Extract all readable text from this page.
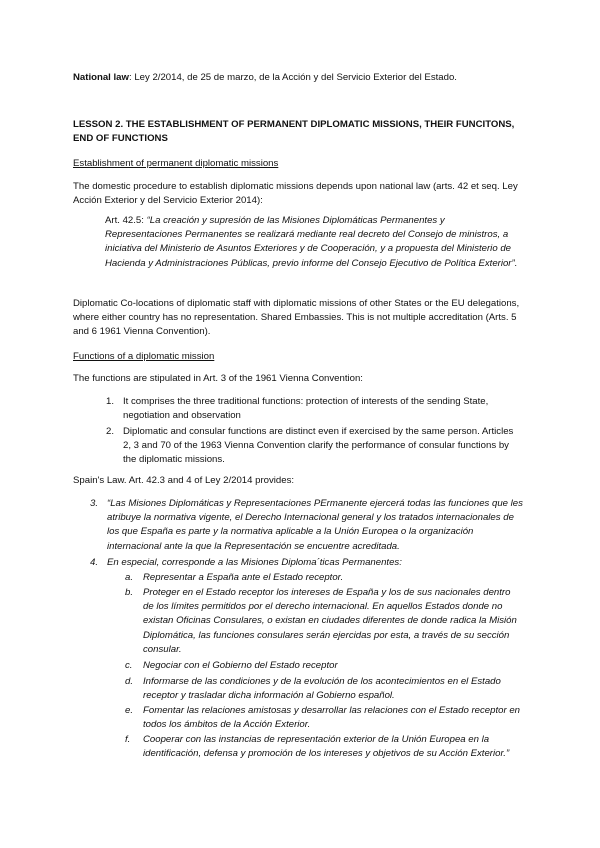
National law: Ley 2/2014, de 25 de marzo, de la Acción y del Servicio Exterior del Estado.

LESSON 2. THE ESTABLISHMENT OF PERMANENT DIPLOMATIC MISSIONS, THEIR FUNCITONS, END OF FUNCTIONS

Establishment of permanent diplomatic missions

The domestic procedure to establish diplomatic missions depends upon national law (arts. 42 et seq. Ley Acción Exterior y del Servicio Exterior 2014):

Art. 42.5: “La creación y supresión de las Misiones Diplomáticas Permanentes y Representaciones Permanentes se realizará mediante real decreto del Consejo de ministros, a iniciativa del Ministerio de Asuntos Exteriores y de Cooperación, y a propuesta del Ministerio de Hacienda y Administraciones Públicas, previo informe del Consejo Ejecutivo de Política Exterior”.

Diplomatic Co-locations of diplomatic staff with diplomatic missions of other States or the EU delegations, where either country has no representation. Shared Embassies. This is not multiple accreditation (Arts. 5 and 6 1961 Vienna Convention).

Functions of a diplomatic mission

The functions are stipulated in Art. 3 of the 1961 Vienna Convention:

1. It comprises the three traditional functions: protection of interests of the sending State, negotiation and observation
2. Diplomatic and consular functions are distinct even if exercised by the same person. Articles 2, 3 and 70 of the 1963 Vienna Convention clarify the performance of consular functions by the diplomatic missions.

Spain's Law. Art. 42.3 and 4 of Ley 2/2014 provides:

3. “Las Misiones Diplomáticas y Representaciones PErmanente ejercerá todas las funciones que les atribuye la normativa vigente, el Derecho Internacional general y los tratados internacionales de los que España es parte y la normativa aplicable a la Unión Europea o la organización internacional ante la que la Representación se encuentre acreditada.
4. En especial, corresponde a las Misiones Diploma´ticas Permanentes:
a. Representar a España ante el Estado receptor.
b. Proteger en el Estado receptor los intereses de España y los de sus nacionales dentro de los límites permitidos por el derecho internacional. En aquellos Estados donde no existan Oficinas Consulares, o existan en ciudades diferentes de donde radica la Misión Diplomática, las funciones consulares serán ejercidas por esta, a través de su sección consular.
c. Negociar con el Gobierno del Estado receptor
d. Informarse de las condiciones y de la evolución de los acontecimientos en el Estado receptor y trasladar dicha información al Gobierno español.
e. Fomentar las relaciones amistosas y desarrollar las relaciones con el Estado receptor en todos los ámbitos de la Acción Exterior.
f. Cooperar con las instancias de representación exterior de la Unión Europea en la identificación, defensa y promoción de los intereses y objetivos de su Acción Exterior.”
